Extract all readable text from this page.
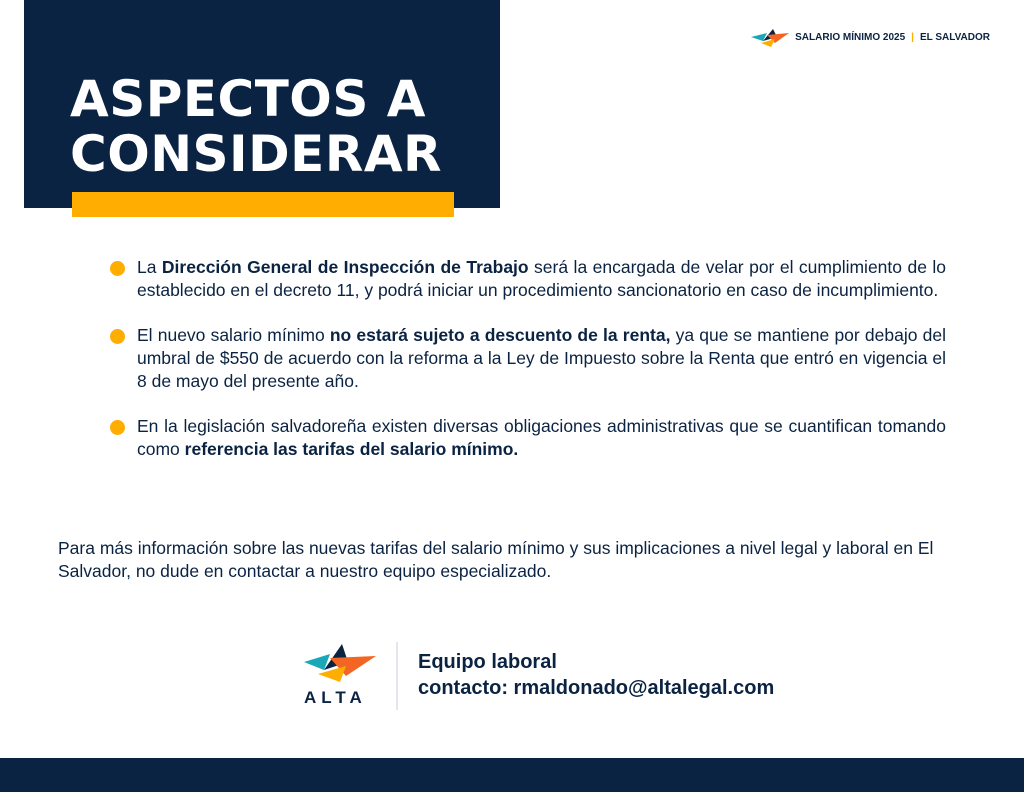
ASPECTOS A
CONSIDERAR
SALARIO MÍNIMO 2025 | EL SALVADOR
La Dirección General de Inspección de Trabajo será la encargada de velar por el cumplimiento de lo establecido en el decreto 11, y podrá iniciar un procedimiento sancionatorio en caso de incumplimiento.
El nuevo salario mínimo no estará sujeto a descuento de la renta, ya que se mantiene por debajo del umbral de $550 de acuerdo con la reforma a la Ley de Impuesto sobre la Renta que entró en vigencia el 8 de mayo del presente año.
En la legislación salvadoreña existen diversas obligaciones administrativas que se cuantifican tomando como referencia las tarifas del salario mínimo.

Para más información sobre las nuevas tarifas del salario mínimo y sus implicaciones a nivel legal y laboral en El Salvador, no dude en contactar a nuestro equipo especializado.

ALTA
Equipo laboral
contacto: rmaldonado@altalegal.com
